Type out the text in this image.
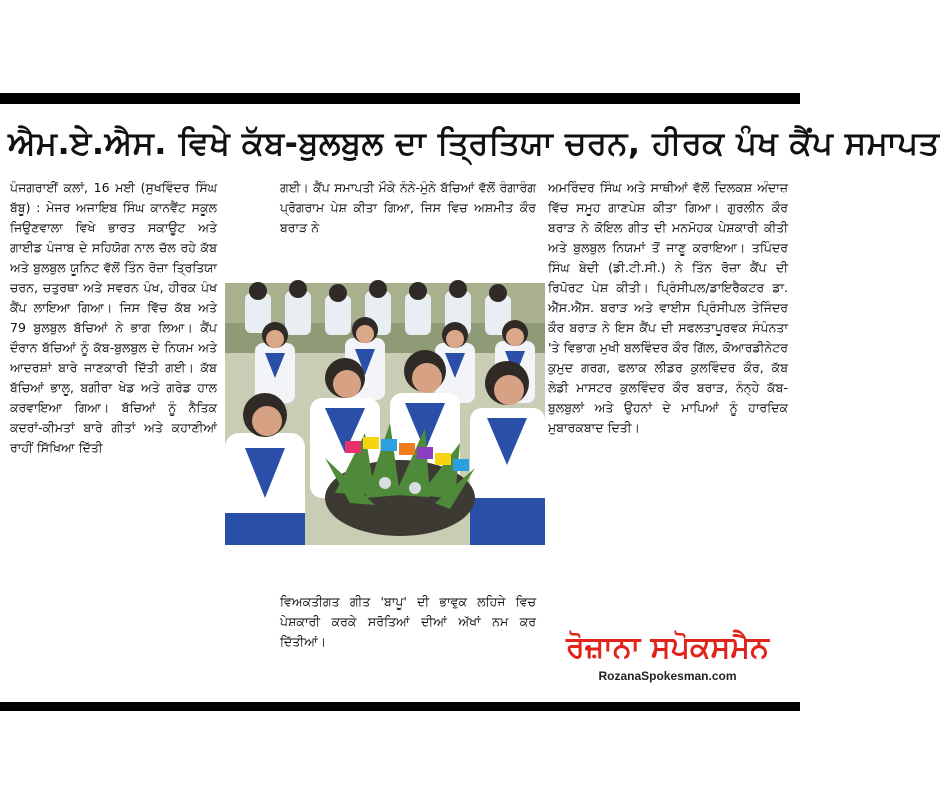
ਐਮ.ਏ.ਐਸ. ਵਿਖੇ ਕੱਬ-ਬੁਲਬੁਲ ਦਾ ਤ੍ਰਿਤਿਯਾ ਚਰਨ, ਹੀਰਕ ਪੰਖ ਕੈਂਪ ਸਮਾਪਤ

ਪੰਜਗਰਾਈਂ ਕਲਾਂ, 16 ਮਈ (ਸੁਖਵਿੰਦਰ ਸਿੰਘ ਬੱਬੂ) : ਮੇਜਰ ਅਜਾਇਬ ਸਿੰਘ ਕਾਨਵੈਂਟ ਸਕੂਲ ਜਿਉਣਵਾਲਾ ਵਿਖੇ ਭਾਰਤ ਸਕਾਊਟ ਅਤੇ ਗਾਈਡ ਪੰਜਾਬ ਦੇ ਸਹਿਯੋਗ ਨਾਲ ਚੱਲ ਰਹੇ ਕੱਬ ਅਤੇ ਬੁਲਬੁਲ ਯੂਨਿਟ ਵੱਲੋਂ ਤਿੰਨ ਰੋਜ਼ਾ ਤ੍ਰਿਤਿਯਾ ਚਰਨ, ਚਤੁਰਥਾ ਅਤੇ ਸਵਰਨ ਪੰਖ, ਹੀਰਕ ਪੰਖ ਕੈਂਪ ਲਾਇਆ ਗਿਆ। ਜਿਸ ਵਿੱਚ ਕੱਬ ਅਤੇ 79 ਬੁਲਬੁਲ ਬੱਚਿਆਂ ਨੇ ਭਾਗ ਲਿਆ। ਕੈਂਪ ਦੌਰਾਨ ਬੱਚਿਆਂ ਨੂੰ ਕੱਬ-ਬੁਲਬੁਲ ਦੇ ਨਿਯਮ ਅਤੇ ਆਦਰਸ਼ਾਂ ਬਾਰੇ ਜਾਣਕਾਰੀ ਦਿੱਤੀ ਗਈ। ਕੱਬ ਬੱਚਿਆਂ ਭਾਲੂ, ਬਗੀਰਾ ਖੇਡ ਅਤੇ ਗਰੇਡ ਹਾਲ ਕਰਵਾਇਆ ਗਿਆ। ਬੱਚਿਆਂ ਨੂੰ ਨੈਤਿਕ ਕਦਰਾਂ-ਕੀਮਤਾਂ ਬਾਰੇ ਗੀਤਾਂ ਅਤੇ ਕਹਾਣੀਆਂ ਰਾਹੀਂ ਸਿੱਖਿਆ ਦਿੱਤੀ

ਗਈ। ਕੈਂਪ ਸਮਾਪਤੀ ਮੌਕੇ ਨੰਨੇ-ਮੁੰਨੇ ਬੱਚਿਆਂ ਵੱਲੋਂ ਰੰਗਾਰੰਗ ਪ੍ਰੋਗਰਾਮ ਪੇਸ਼ ਕੀਤਾ ਗਿਆ, ਜਿਸ ਵਿਚ ਅਸ਼ਮੀਤ ਕੌਰ ਬਰਾੜ ਨੇ

ਵਿਅਕਤੀਗਤ ਗੀਤ 'ਬਾਪੂ' ਦੀ ਭਾਵੁਕ ਲਹਿਜੇ ਵਿਚ ਪੇਸ਼ਕਾਰੀ ਕਰਕੇ ਸਰੋਤਿਆਂ ਦੀਆਂ ਅੱਖਾਂ ਨਮ ਕਰ ਦਿੱਤੀਆਂ।

ਅਮਰਿੰਦਰ ਸਿੰਘ ਅਤੇ ਸਾਥੀਆਂ ਵੱਲੋਂ ਦਿਲਕਸ਼ ਅੰਦਾਜ਼ ਵਿੱਚ ਸਮੂਹ ਗਾਣਪੇਸ਼ ਕੀਤਾ ਗਿਆ। ਗੁਰਲੀਨ ਕੌਰ ਬਰਾੜ ਨੇ ਕੋਇਲ ਗੀਤ ਦੀ ਮਨਮੋਹਕ ਪੇਸ਼ਕਾਰੀ ਕੀਤੀ ਅਤੇ ਬੁਲਬੁਲ ਨਿਯਮਾਂ ਤੋਂ ਜਾਣੂ ਕਰਾਇਆ। ਤਪਿੰਦਰ ਸਿੰਘ ਬੇਦੀ (ਡੀ.ਟੀ.ਸੀ.) ਨੇ ਤਿੰਨ ਰੋਜ਼ਾ ਕੈਂਪ ਦੀ ਰਿਪੋਰਟ ਪੇਸ਼ ਕੀਤੀ। ਪ੍ਰਿੰਸੀਪਲ/ਡਾਇਰੈਕਟਰ ਡਾ. ਐੱਸ.ਐੱਸ. ਬਰਾੜ ਅਤੇ ਵਾਈਸ ਪ੍ਰਿੰਸੀਪਲ ਤੇਜਿੰਦਰ ਕੌਰ ਬਰਾੜ ਨੇ ਇਸ ਕੈਂਪ ਦੀ ਸਫਲਤਾਪੂਰਵਕ ਸੰਪੰਨਤਾ 'ਤੇ ਵਿਭਾਗ ਮੁਖੀ ਬਲਵਿੰਦਰ ਕੌਰ ਗਿੱਲ, ਕੋਆਰਡੀਨੇਟਰ ਕੁਮੁਦ ਗਰਗ, ਫਲਾਕ ਲੀਡਰ ਕੁਲਵਿੰਦਰ ਕੌਰ, ਕੱਬ ਲੇਡੀ ਮਾਸਟਰ ਕੁਲਵਿੰਦਰ ਕੌਰ ਬਰਾੜ, ਨੰਨ੍ਹੇ ਕੱਬ-ਬੁਲਬੁਲਾਂ ਅਤੇ ਉਹਨਾਂ ਦੇ ਮਾਪਿਆਂ ਨੂੰ ਹਾਰਦਿਕ ਮੁਬਾਰਕਬਾਦ ਦਿਤੀ।

ਰੋਜ਼ਾਨਾ ਸਪੋਕਸਮੈਨ
RozanaSpokesman.com
